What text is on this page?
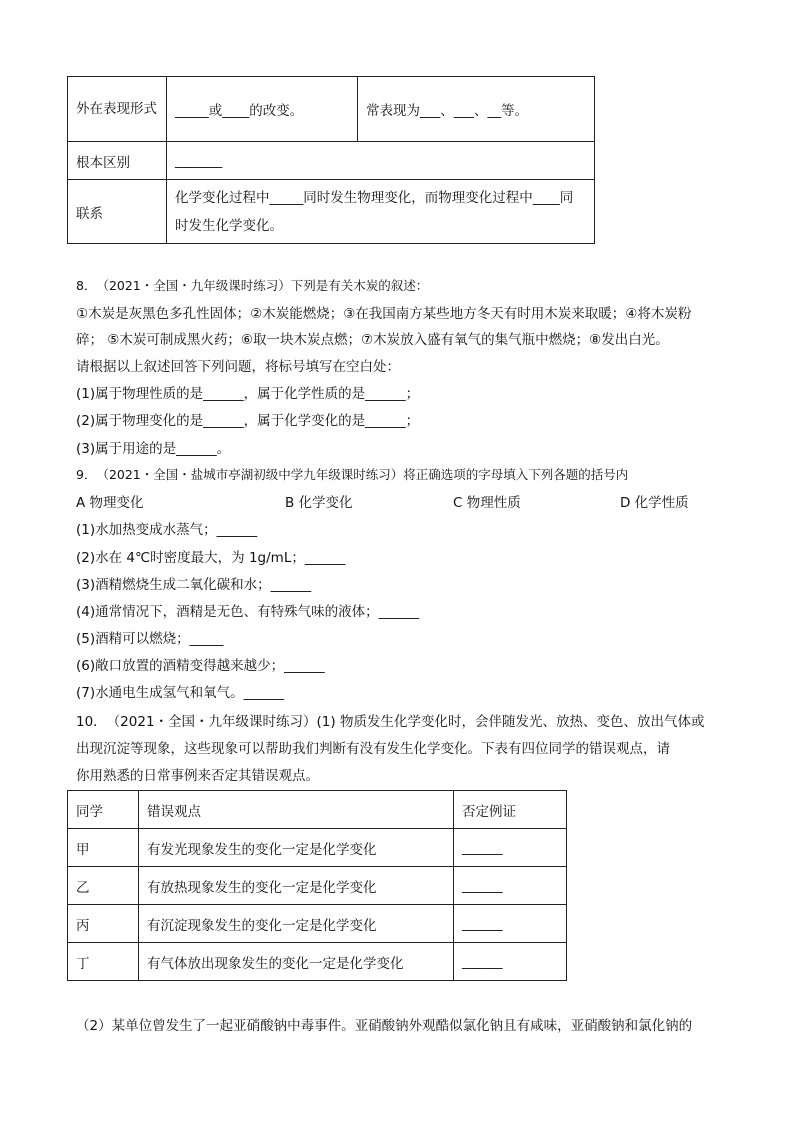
外在表现形式	_____或____的改变。	常表现为___、___、__等。
根本区别	_______	
联系	化学变化过程中_____同时发生物理变化，而物理变化过程中____同时发生化学变化。	
8．　（2021・全国・九年级课时练习）下列是有关木炭的叙述：
①木炭是灰黑色多孔性固体；②木炭能燃烧；③在我国南方某些地方冬天有时用木炭来取暖；④将木炭粉
碎； ⑤木炭可制成黑火药；⑥取一块木炭点燃；⑦木炭放入盛有氧气的集气瓶中燃烧；⑧发出白光。
请根据以上叙述回答下列问题，将标号填写在空白处：
(1)属于物理性质的是______，属于化学性质的是______；
(2)属于物理变化的是______，属于化学变化的是______；
(3)属于用途的是______。
9．　（2021・全国・盐城市亭湖初级中学九年级课时练习）将正确选项的字母填入下列各题的括号内
A 物理变化	B 化学变化	C 物理性质	D 化学性质
(1)水加热变成水蒸气；______
(2)水在 4℃时密度最大，为 1g/mL；______
(3)酒精燃烧生成二氧化碳和水；______
(4)通常情况下，酒精是无色、有特殊气味的液体；______
(5)酒精可以燃烧；_____
(6)敞口放置的酒精变得越来越少；______
(7)水通电生成氢气和氧气。______
10．　（2021・全国・九年级课时练习）(1) 物质发生化学变化时，会伴随发光、放热、变色、放出气体或
出现沉淀等现象，这些现象可以帮助我们判断有没有发生化学变化。下表有四位同学的错误观点，请
你用熟悉的日常事例来否定其错误观点。
同学	错误观点	否定例证
甲	有发光现象发生的变化一定是化学变化	______
乙	有放热现象发生的变化一定是化学变化	______
丙	有沉淀现象发生的变化一定是化学变化	______
丁	有气体放出现象发生的变化一定是化学变化	______
（2）某单位曾发生了一起亚硝酸钠中毒事件。亚硝酸钠外观酷似氯化钠且有咸味，亚硝酸钠和氯化钠的
